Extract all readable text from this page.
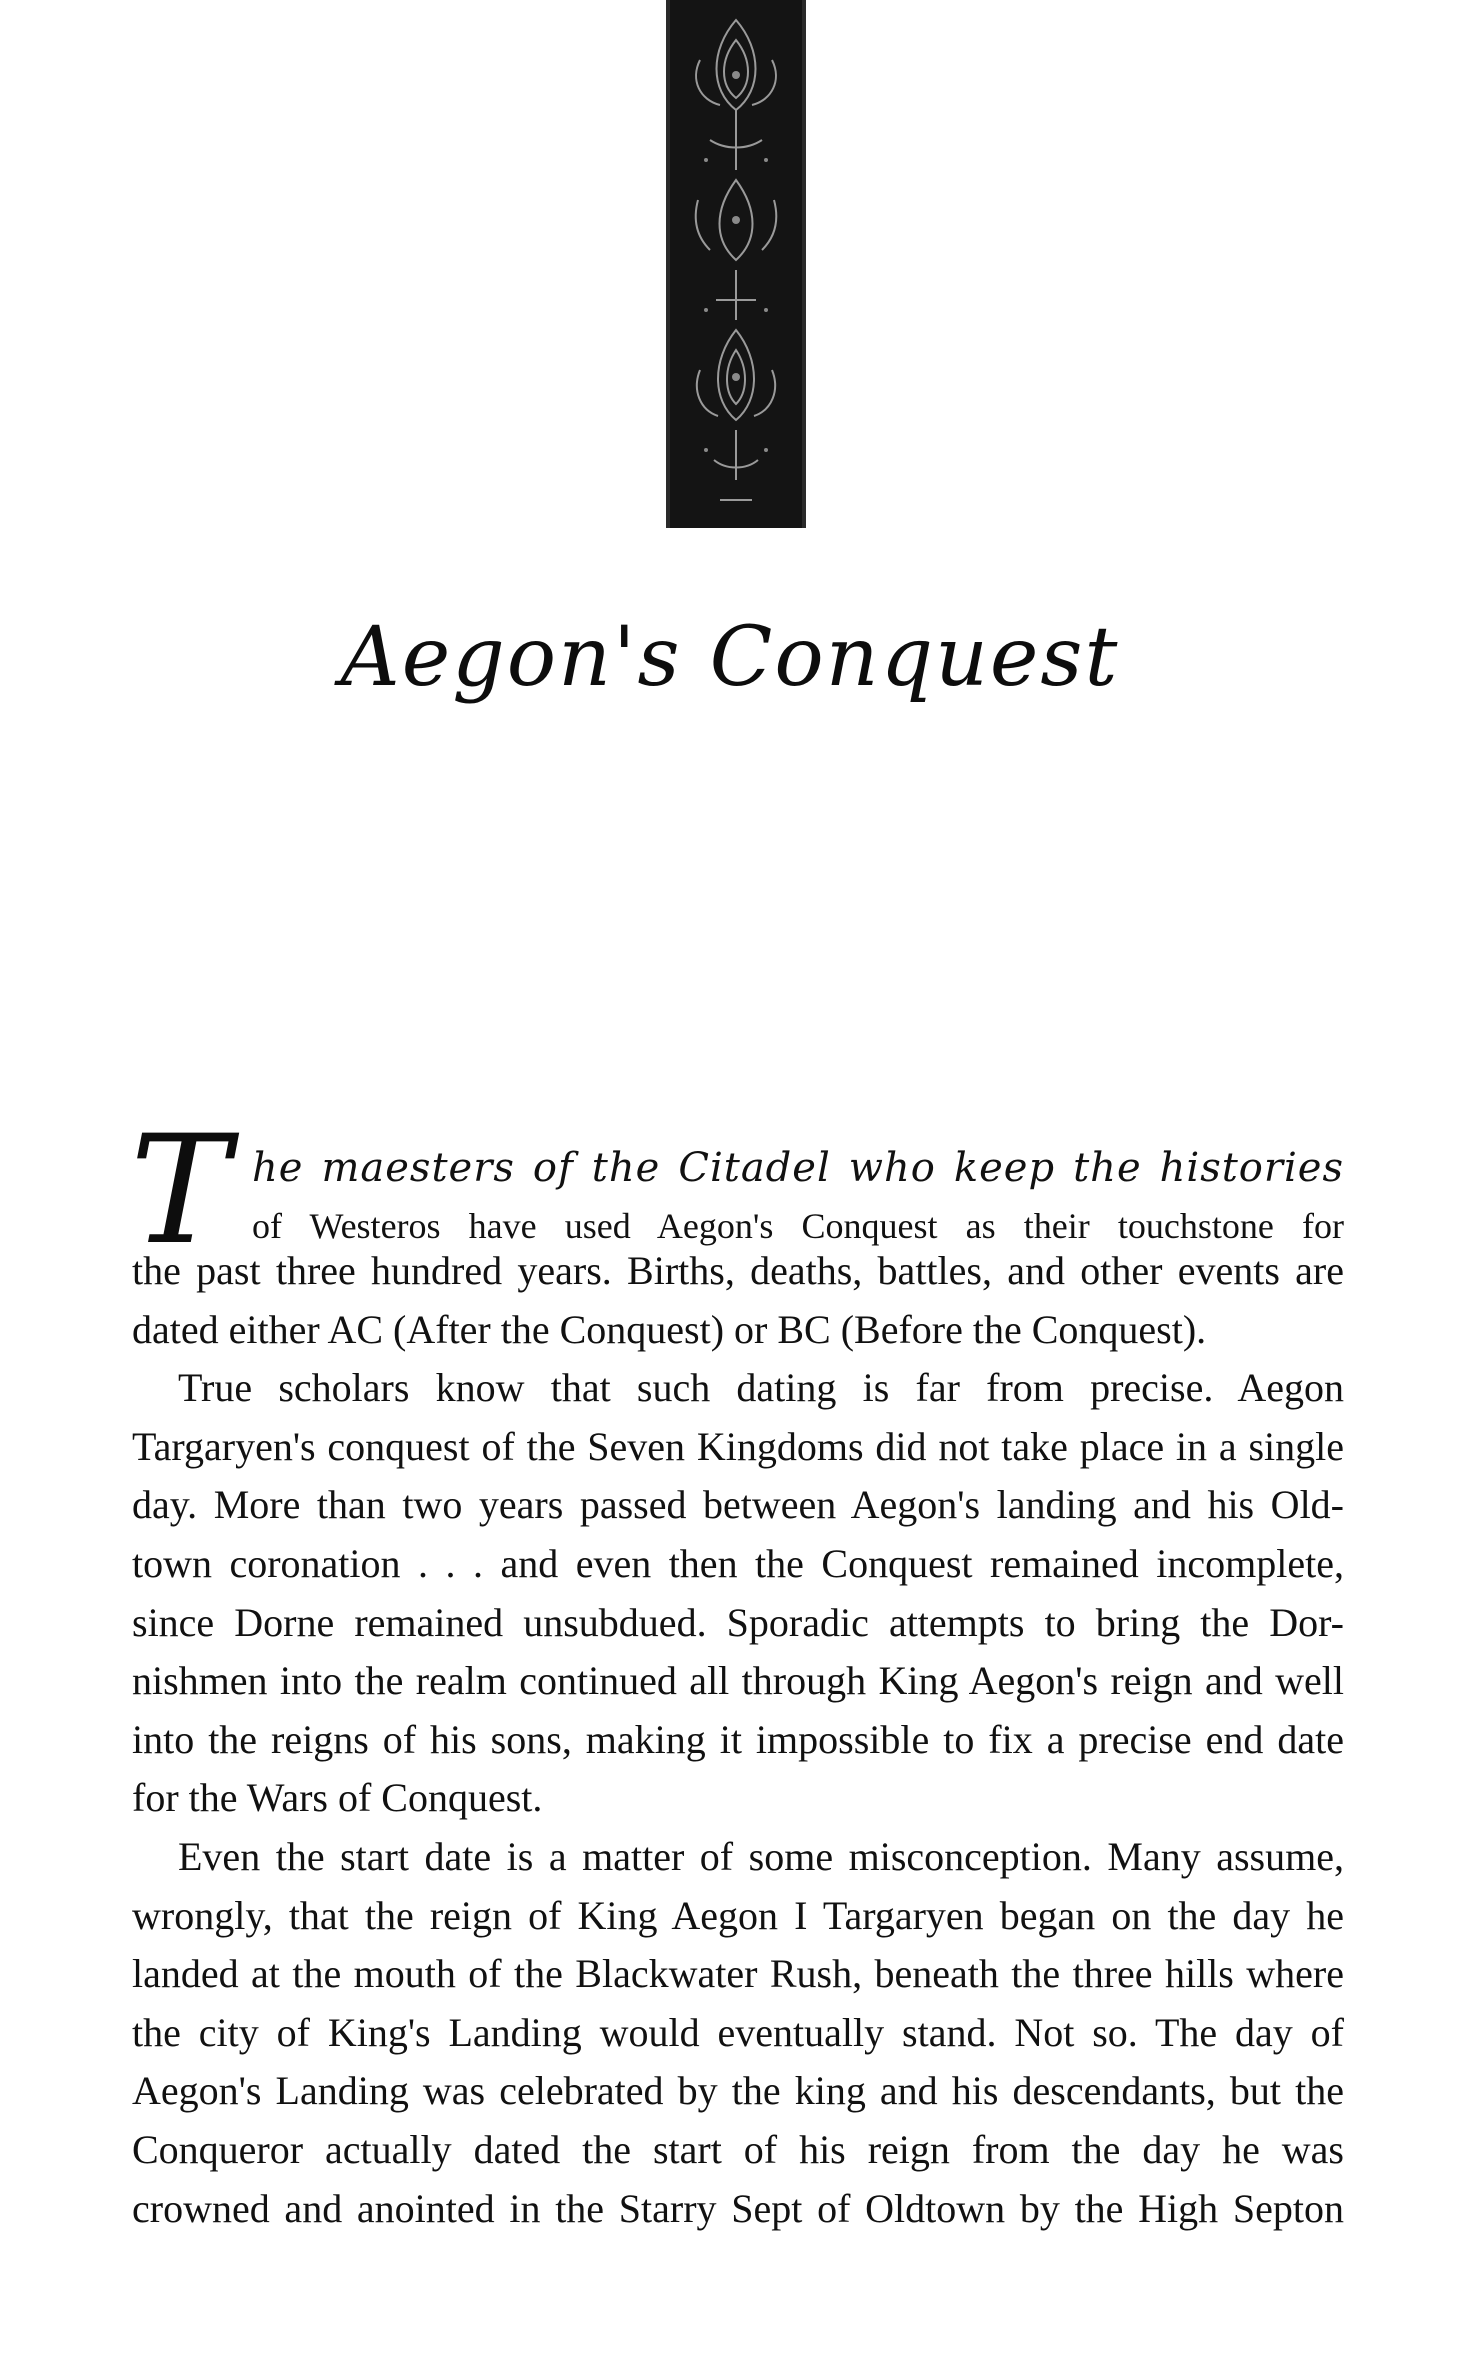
Aegon's Conquest
T he maesters of the Citadel who keep the histories
of Westeros have used Aegon's Conquest as their touchstone for

the past three hundred years. Births, deaths, battles, and other events are
dated either AC (After the Conquest) or BC (Before the Conquest).

True scholars know that such dating is far from precise. Aegon
Targaryen's conquest of the Seven Kingdoms did not take place in a single
day. More than two years passed between Aegon's landing and his Old-
town coronation . . . and even then the Conquest remained incomplete,
since Dorne remained unsubdued. Sporadic attempts to bring the Dor-
nishmen into the realm continued all through King Aegon's reign and well
into the reigns of his sons, making it impossible to fix a precise end date
for the Wars of Conquest.

Even the start date is a matter of some misconception. Many assume,
wrongly, that the reign of King Aegon I Targaryen began on the day he
landed at the mouth of the Blackwater Rush, beneath the three hills where
the city of King's Landing would eventually stand. Not so. The day of
Aegon's Landing was celebrated by the king and his descendants, but the
Conqueror actually dated the start of his reign from the day he was
crowned and anointed in the Starry Sept of Oldtown by the High Septon
